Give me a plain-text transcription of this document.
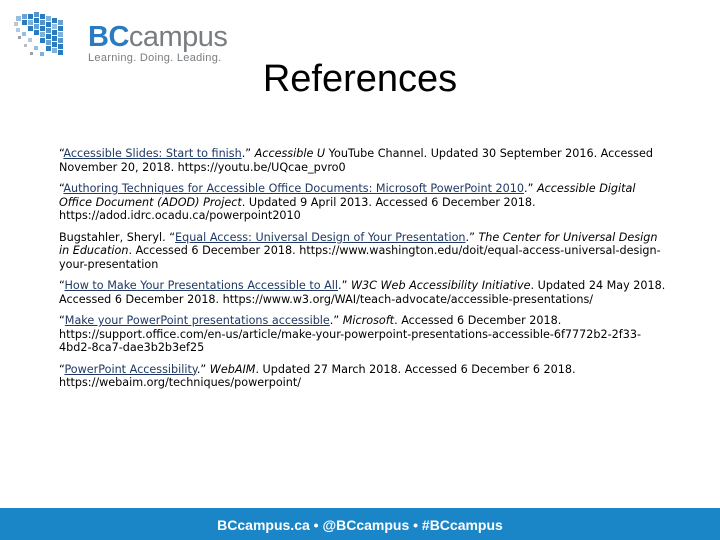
BCcampus
Learning. Doing. Leading.	References

“Accessible Slides: Start to finish.” Accessible U YouTube Channel. Updated 30 September 2016. Accessed November 20, 2018. https://youtu.be/UQcae_pvro0

“Authoring Techniques for Accessible Office Documents: Microsoft PowerPoint 2010.” Accessible Digital Office Document (ADOD) Project. Updated 9 April 2013. Accessed 6 December 2018. https://adod.idrc.ocadu.ca/powerpoint2010

Bugstahler, Sheryl. “Equal Access: Universal Design of Your Presentation.” The Center for Universal Design in Education. Accessed 6 December 2018. https://www.washington.edu/doit/equal-access-universal-design-your-presentation

“How to Make Your Presentations Accessible to All.” W3C Web Accessibility Initiative. Updated 24 May 2018. Accessed 6 December 2018. https://www.w3.org/WAI/teach-advocate/accessible-presentations/

“Make your PowerPoint presentations accessible.” Microsoft. Accessed 6 December 2018. https://support.office.com/en-us/article/make-your-powerpoint-presentations-accessible-6f7772b2-2f33-4bd2-8ca7-dae3b2b3ef25

“PowerPoint Accessibility.” WebAIM. Updated 27 March 2018. Accessed 6 December 6 2018. https://webaim.org/techniques/powerpoint/

BCcampus.ca • @BCcampus • #BCcampus
